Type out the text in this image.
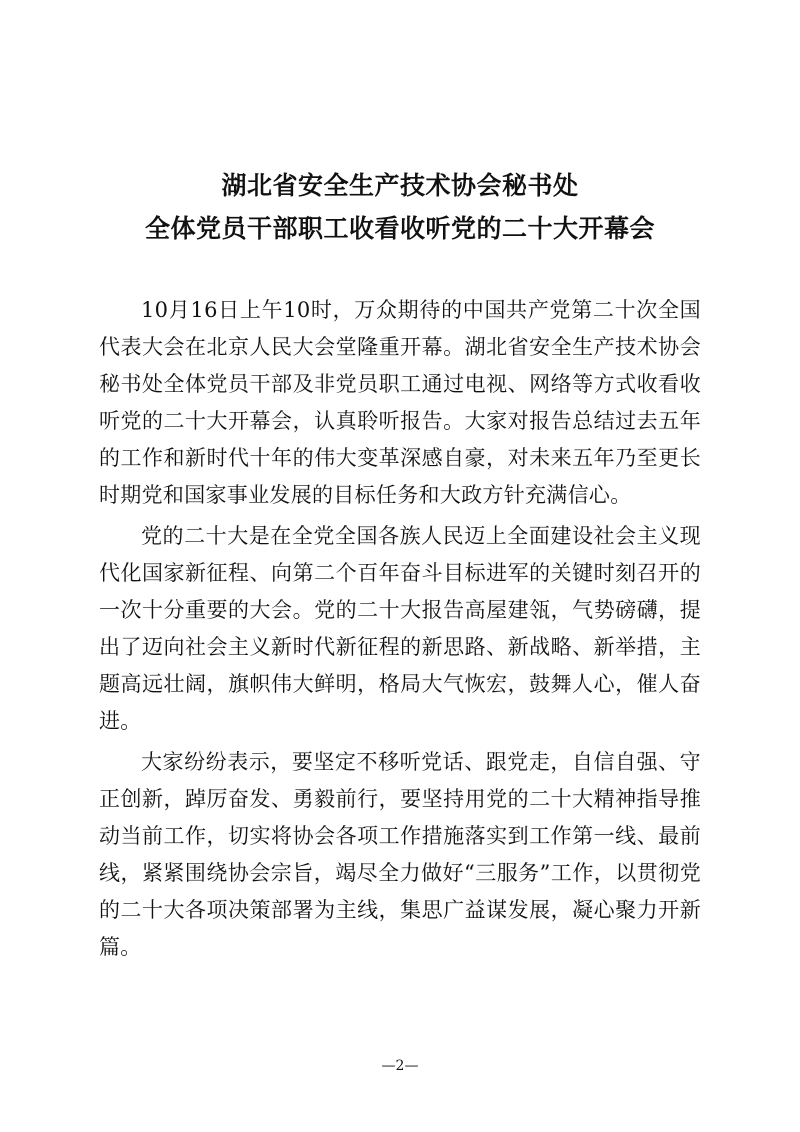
湖北省安全生产技术协会秘书处
全体党员干部职工收看收听党的二十大开幕会

10月16日上午10时，万众期待的中国共产党第二十次全国代表大会在北京人民大会堂隆重开幕。湖北省安全生产技术协会秘书处全体党员干部及非党员职工通过电视、网络等方式收看收听党的二十大开幕会，认真聆听报告。大家对报告总结过去五年的工作和新时代十年的伟大变革深感自豪，对未来五年乃至更长时期党和国家事业发展的目标任务和大政方针充满信心。

党的二十大是在全党全国各族人民迈上全面建设社会主义现代化国家新征程、向第二个百年奋斗目标进军的关键时刻召开的一次十分重要的大会。党的二十大报告高屋建瓴，气势磅礴，提出了迈向社会主义新时代新征程的新思路、新战略、新举措，主题高远壮阔，旗帜伟大鲜明，格局大气恢宏，鼓舞人心，催人奋进。

大家纷纷表示，要坚定不移听党话、跟党走，自信自强、守正创新，踔厉奋发、勇毅前行，要坚持用党的二十大精神指导推动当前工作，切实将协会各项工作措施落实到工作第一线、最前线，紧紧围绕协会宗旨，竭尽全力做好“三服务”工作，以贯彻党的二十大各项决策部署为主线，集思广益谋发展，凝心聚力开新篇。

—2—
